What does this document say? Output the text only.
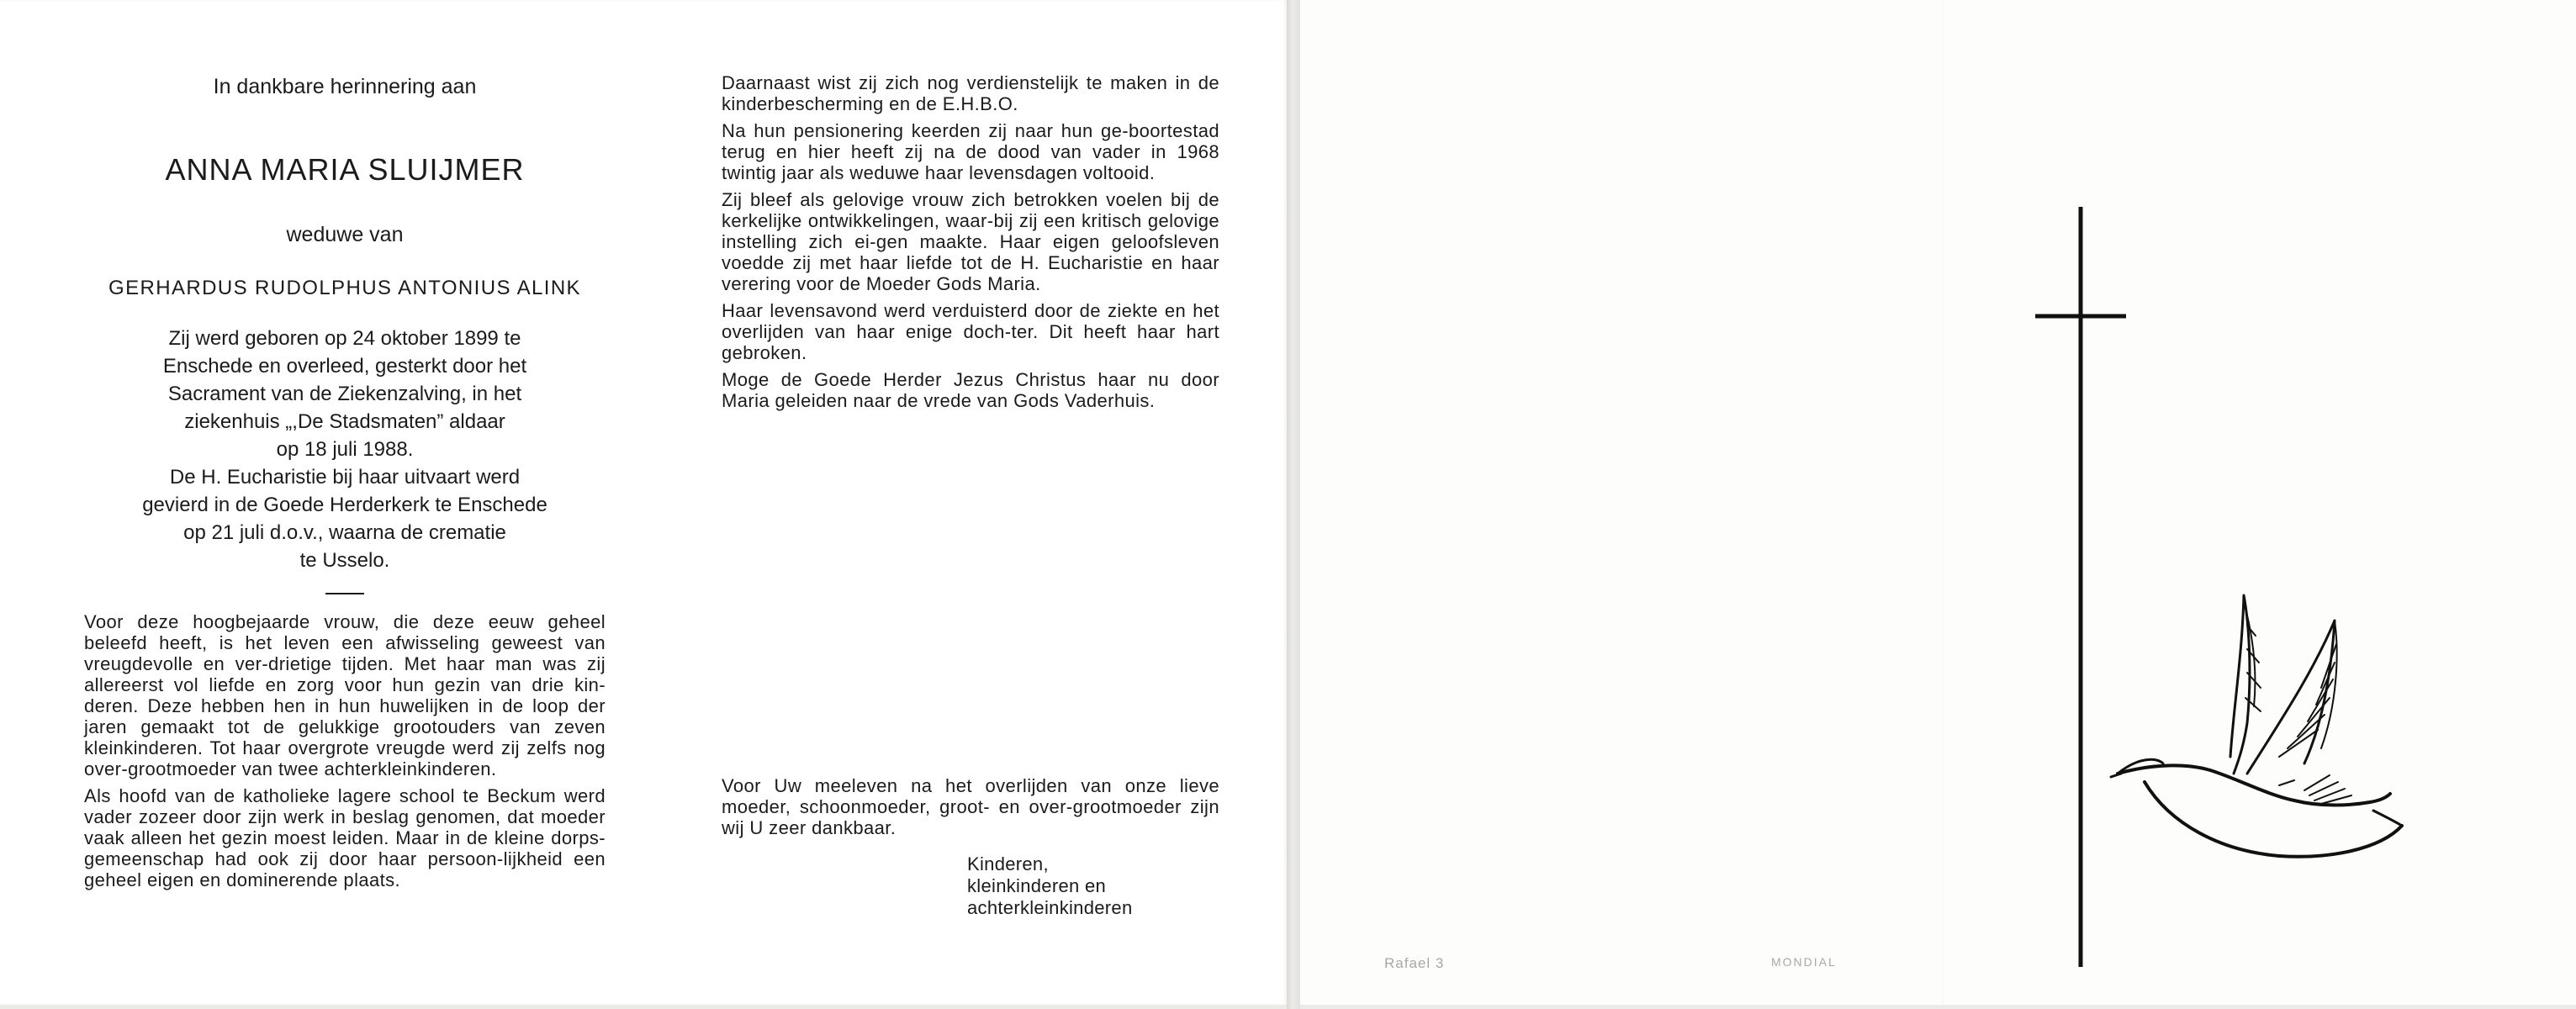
In dankbare herinnering aan

ANNA MARIA SLUIJMER

weduwe van

GERHARDUS RUDOLPHUS ANTONIUS ALINK

Zij werd geboren op 24 oktober 1899 te
Enschede en overleed, gesterkt door het
Sacrament van de Ziekenzalving, in het
ziekenhuis „,De Stadsmaten” aldaar
op 18 juli 1988.
De H. Eucharistie bij haar uitvaart werd
gevierd in de Goede Herderkerk te Enschede
op 21 juli d.o.v., waarna de crematie
te Usselo.

Voor deze hoogbejaarde vrouw, die deze eeuw geheel beleefd heeft, is het leven een afwisseling geweest van vreugdevolle en ver-drietige tijden. Met haar man was zij allereerst vol liefde en zorg voor hun gezin van drie kin-deren. Deze hebben hen in hun huwelijken in de loop der jaren gemaakt tot de gelukkige grootouders van zeven kleinkinderen. Tot haar overgrote vreugde werd zij zelfs nog over-grootmoeder van twee achterkleinkinderen.

Als hoofd van de katholieke lagere school te Beckum werd vader zozeer door zijn werk in beslag genomen, dat moeder vaak alleen het gezin moest leiden. Maar in de kleine dorps-gemeenschap had ook zij door haar persoon-lijkheid een geheel eigen en dominerende plaats.

Daarnaast wist zij zich nog verdienstelijk te maken in de kinderbescherming en de E.H.B.O.

Na hun pensionering keerden zij naar hun ge-boortestad terug en hier heeft zij na de dood van vader in 1968 twintig jaar als weduwe haar levensdagen voltooid.

Zij bleef als gelovige vrouw zich betrokken voelen bij de kerkelijke ontwikkelingen, waar-bij zij een kritisch gelovige instelling zich ei-gen maakte. Haar eigen geloofsleven voedde zij met haar liefde tot de H. Eucharistie en haar verering voor de Moeder Gods Maria.

Haar levensavond werd verduisterd door de ziekte en het overlijden van haar enige doch-ter. Dit heeft haar hart gebroken.

Moge de Goede Herder Jezus Christus haar nu door Maria geleiden naar de vrede van Gods Vaderhuis.

Voor Uw meeleven na het overlijden van onze lieve moeder, schoonmoeder, groot- en over-grootmoeder zijn wij U zeer dankbaar.

Kinderen,
kleinkinderen en
achterkleinkinderen
Rafael 3	MONDIAL
